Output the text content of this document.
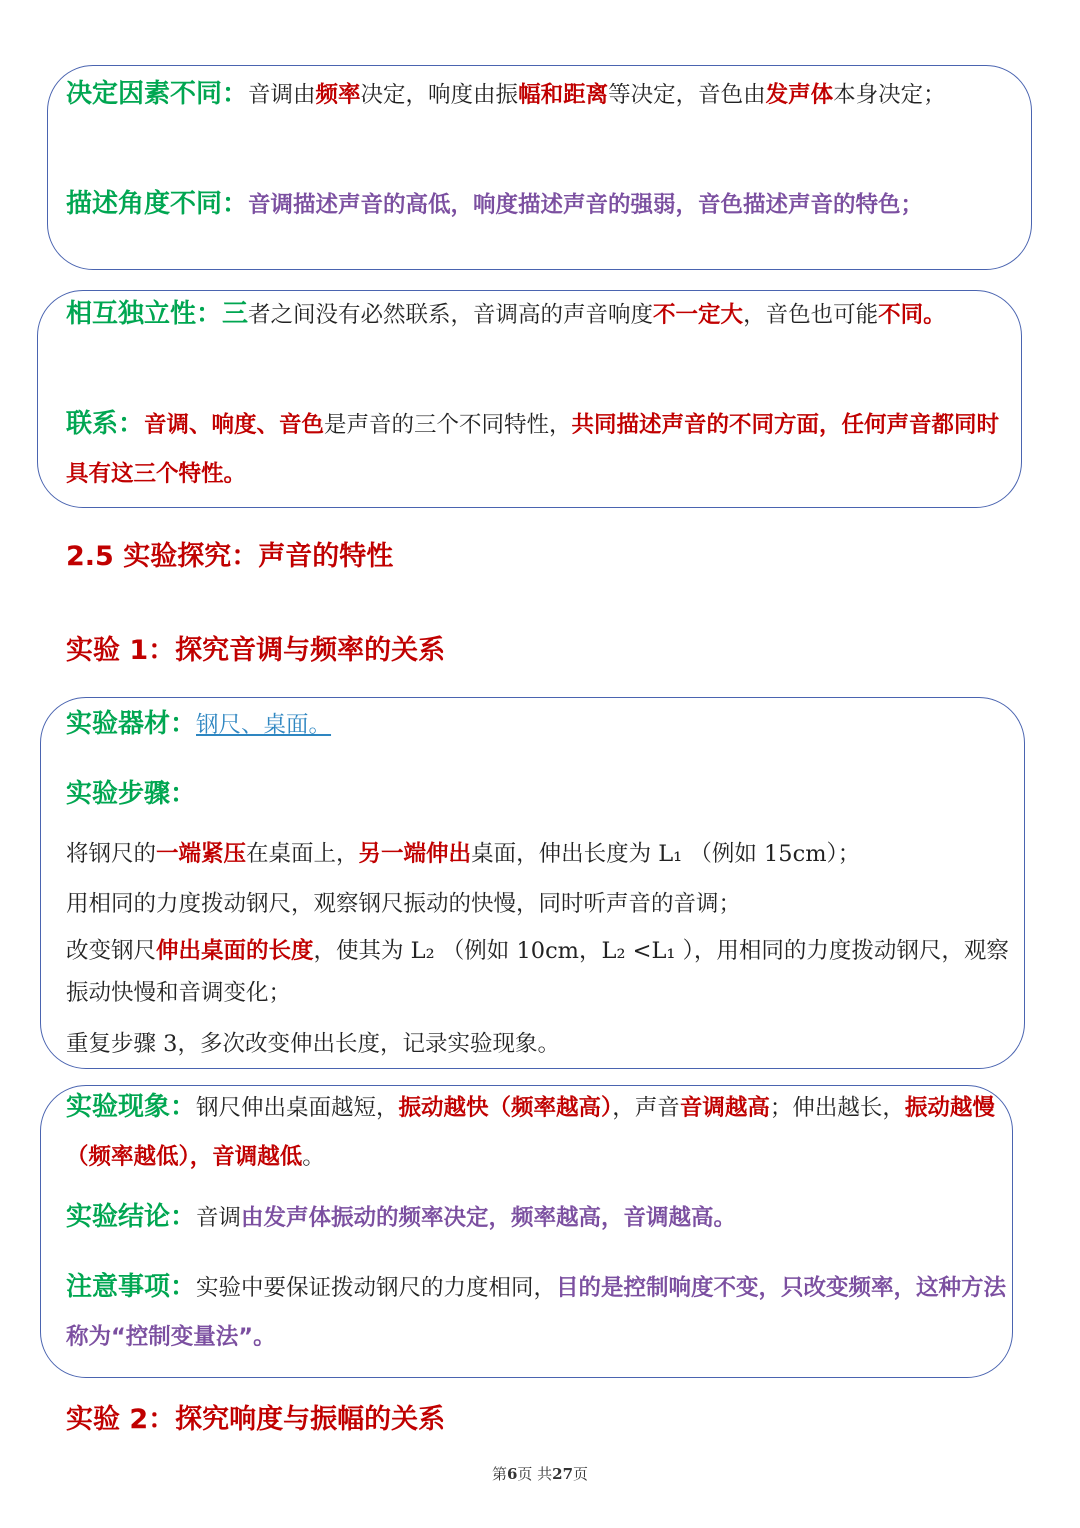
决定因素不同：音调由频率决定，响度由振幅和距离等决定，音色由发声体本身决定；

描述角度不同：音调描述声音的高低，响度描述声音的强弱，音色描述声音的特色；

相互独立性：三者之间没有必然联系，音调高的声音响度不一定大，音色也可能不同。

联系：音调、响度、音色是声音的三个不同特性，共同描述声音的不同方面，任何声音都同时具有这三个特性。

2.5 实验探究：声音的特性

实验 1：探究音调与频率的关系

实验器材：钢尺、桌面。

实验步骤：

将钢尺的一端紧压在桌面上，另一端伸出桌面，伸出长度为 L₁ （例如 15cm）；

用相同的力度拨动钢尺，观察钢尺振动的快慢，同时听声音的音调；

改变钢尺伸出桌面的长度，使其为 L₂ （例如 10cm，L₂ <L₁ ），用相同的力度拨动钢尺，观察振动快慢和音调变化；

重复步骤 3，多次改变伸出长度，记录实验现象。

实验现象：钢尺伸出桌面越短，振动越快（频率越高），声音音调越高；伸出越长，振动越慢（频率越低），音调越低。

实验结论：音调由发声体振动的频率决定，频率越高，音调越高。

注意事项：实验中要保证拨动钢尺的力度相同，目的是控制响度不变，只改变频率，这种方法称为“控制变量法”。

实验 2：探究响度与振幅的关系

第6页 共27页
